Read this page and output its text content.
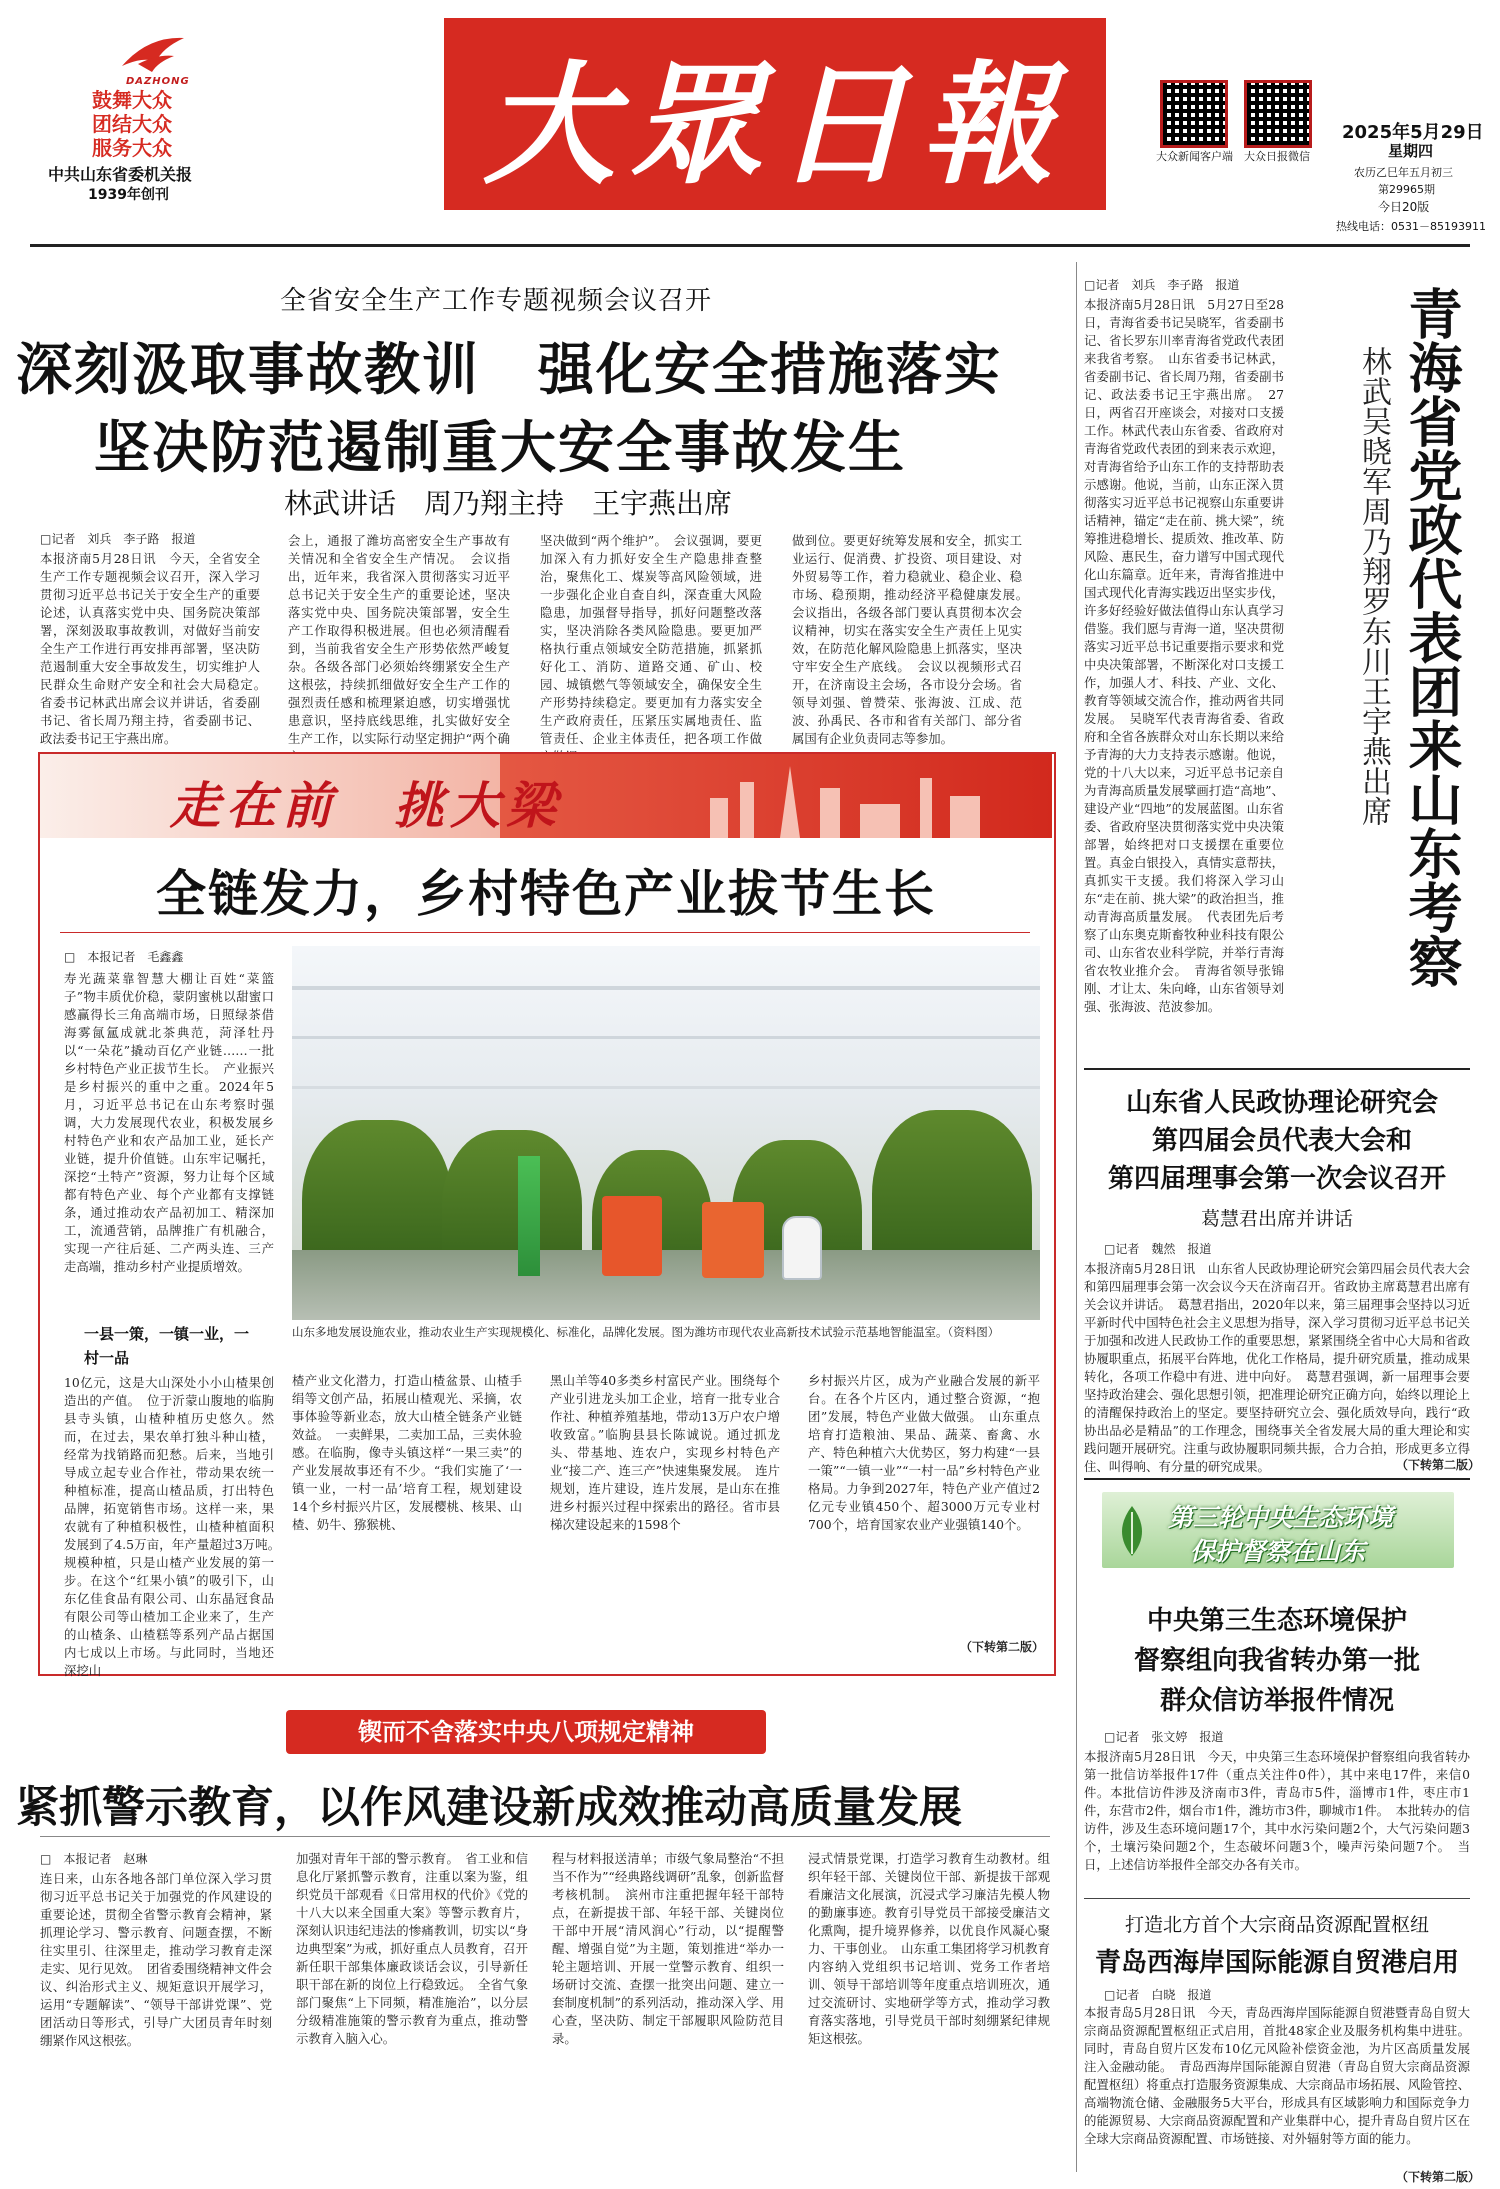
DAZHONG
鼓舞大众
团结大众
服务大众
中共山东省委机关报
1939年创刊 大眾日報	大众新闻客户端 大众日报微信
2025年5月29日
星期四
农历乙巳年五月初三
第29965期
今日20版
热线电话：0531－85193911
全省安全生产工作专题视频会议召开
深刻汲取事故教训　强化安全措施落实
坚决防范遏制重大安全事故发生
林武讲话　周乃翔主持　王宇燕出席
□记者　刘兵　李子路　报道
本报济南5月28日讯　今天，全省安全生产工作专题视频会议召开，深入学习贯彻习近平总书记关于安全生产的重要论述，认真落实党中央、国务院决策部署，深刻汲取事故教训，对做好当前安全生产工作进行再安排再部署，坚决防范遏制重大安全事故发生，切实维护人民群众生命财产安全和社会大局稳定。　省委书记林武出席会议并讲话，省委副书记、省长周乃翔主持，省委副书记、政法委书记王宇燕出席。
会上，通报了潍坊高密安全生产事故有关情况和全省安全生产情况。　会议指出，近年来，我省深入贯彻落实习近平总书记关于安全生产的重要论述，坚决落实党中央、国务院决策部署，安全生产工作取得积极进展。但也必须清醒看到，当前我省安全生产形势依然严峻复杂。各级各部门必须始终绷紧安全生产这根弦，持续抓细做好安全生产工作的强烈责任感和梳理紧迫感，切实增强忧患意识，坚持底线思维，扎实做好安全生产工作，以实际行动坚定拥护“两个确
坚决做到“两个维护”。　会议强调，要更加深入有力抓好安全生产隐患排查整治，聚焦化工、煤炭等高风险领域，进一步强化企业自查自纠，深查重大风险隐患，加强督导指导，抓好问题整改落实，坚决消除各类风险隐患。要更加严格执行重点领域安全防范措施，抓紧抓好化工、消防、道路交通、矿山、校园、城镇燃气等领域安全，确保安全生产形势持续稳定。要更加有力落实安全生产政府责任，压紧压实属地责任、监管责任、企业主体责任，把各项工作做
做到位。要更好统筹发展和安全，抓实工业运行、促消费、扩投资、项目建设、对外贸易等工作，着力稳就业、稳企业、稳市场、稳预期，推动经济平稳健康发展。　会议指出，各级各部门要认真贯彻本次会议精神，切实在落实安全生产责任上见实效，在防范化解风险隐患上抓落实，坚决守牢安全生产底线。　会议以视频形式召开，在济南设主会场，各市设分会场。省领导刘强、曾赞荣、张海波、江成、范波、孙禹民、各市和省有关部门、部分省属国有企业负责同志等参加。
□记者　刘兵　李子路　报道
本报济南5月28日讯　5月27日至28日，青海省委书记吴晓军，省委副书记、省长罗东川率青海省党政代表团来我省考察。　山东省委书记林武，省委副书记、省长周乃翔，省委副书记、政法委书记王宇燕出席。　27日，两省召开座谈会，对接对口支援工作。林武代表山东省委、省政府对青海省党政代表团的到来表示欢迎，对青海省给予山东工作的支持帮助表示感谢。他说，当前，山东正深入贯彻落实习近平总书记视察山东重要讲话精神，锚定“走在前、挑大梁”，统筹推进稳增长、提质效、推改革、防风险、惠民生，奋力谱写中国式现代化山东篇章。近年来，青海省推进中国式现代化青海实践迈出坚实步伐，许多好经验好做法值得山东认真学习借鉴。我们愿与青海一道，坚决贯彻落实习近平总书记重要指示要求和党中央决策部署，不断深化对口支援工作，加强人才、科技、产业、文化、教育等领域交流合作，推动两省共同发展。　吴晓军代表青海省委、省政府和全省各族群众对山东长期以来给予青海的大力支持表示感谢。他说，党的十八大以来，习近平总书记亲自为青海高质量发展擘画打造“高地”、建设产业“四地”的发展蓝图。山东省委、省政府坚决贯彻落实党中央决策部署，始终把对口支援摆在重要位置。真金白银投入，真情实意帮扶，真抓实干支援。我们将深入学习山东“走在前、挑大梁”的政治担当，推动青海高质量发展。　代表团先后考察了山东奥克斯畜牧种业科技有限公司、山东省农业科学院，并举行青海省农牧业推介会。　青海省领导张锦刚、才让太、朱向峰，山东省领导刘强、张海波、范波参加。
青海省党政代表团来山东考察
林武吴晓军周乃翔罗东川王宇燕出席
山东省人民政协理论研究会
第四届会员代表大会和
第四届理事会第一次会议召开
葛慧君出席并讲话
□记者　魏然　报道
本报济南5月28日讯　山东省人民政协理论研究会第四届会员代表大会和第四届理事会第一次会议今天在济南召开。省政协主席葛慧君出席有关会议并讲话。　葛慧君指出，2020年以来，第三届理事会坚持以习近平新时代中国特色社会主义思想为指导，深入学习贯彻习近平总书记关于加强和改进人民政协工作的重要思想，紧紧围绕全省中心大局和省政协履职重点，拓展平台阵地，优化工作格局，提升研究质量，推动成果转化，各项工作稳中有进、进中向好。　葛慧君强调，新一届理事会要坚持政治建会、强化思想引领，把准理论研究正确方向，始终以理论上的清醒保持政治上的坚定。要坚持研究立会、强化质效导向，践行“政协出品必是精品”的工作理念，围绕事关全省发展大局的重大理论和实践问题开展研究。注重与政协履职同频共振，合力合拍，形成更多立得住、叫得响、有分量的研究成果。	（下转第二版）
第三轮中央生态环境
保护督察在山东
中央第三生态环境保护
督察组向我省转办第一批
群众信访举报件情况
□记者　张文婷　报道
本报济南5月28日讯　今天，中央第三生态环境保护督察组向我省转办第一批信访举报件17件（重点关注件0件），其中来电17件，来信0件。本批信访件涉及济南市3件，青岛市5件，淄博市1件，枣庄市1件，东营市2件，烟台市1件，潍坊市3件，聊城市1件。　本批转办的信访件，涉及生态环境问题17个，其中水污染问题2个，大气污染问题3个，土壤污染问题2个，生态破坏问题3个，噪声污染问题7个。　当日，上述信访举报件全部交办各有关市。
打造北方首个大宗商品资源配置枢纽
青岛西海岸国际能源自贸港启用
□记者　白晓　报道
本报青岛5月28日讯　今天，青岛西海岸国际能源自贸港暨青岛自贸大宗商品资源配置枢纽正式启用，首批48家企业及服务机构集中进驻。同时，青岛自贸片区发布10亿元风险补偿资金池，为片区高质量发展注入金融动能。　青岛西海岸国际能源自贸港（青岛自贸大宗商品资源配置枢纽）将重点打造服务资源集成、大宗商品市场拓展、风险管控、高端物流仓储、金融服务5大平台，形成具有区域影响力和国际竞争力的能源贸易、大宗商品资源配置和产业集群中心，提升青岛自贸片区在全球大宗商品资源配置、市场链接、对外辐射等方面的能力。
（下转第二版）
走在前　挑大梁
全链发力，乡村特色产业拔节生长
□　本报记者　毛鑫鑫
寿光蔬菜靠智慧大棚让百姓“菜篮子”物丰质优价稳，蒙阴蜜桃以甜蜜口感赢得长三角高端市场，日照绿茶借海雾氤氲成就北茶典范，菏泽牡丹以“一朵花”撬动百亿产业链……一批乡村特色产业正拔节生长。　产业振兴是乡村振兴的重中之重。2024年5月，习近平总书记在山东考察时强调，大力发展现代农业，积极发展乡村特色产业和农产品加工业，延长产业链，提升价值链。山东牢记嘱托，深挖“土特产”资源，努力让每个区域都有特色产业、每个产业都有支撑链条，通过推动农产品初加工、精深加工，流通营销，品牌推广有机融合，实现一产往后延、二产两头连、三产走高端，推动乡村产业提质增效。
一县一策，一镇一业，一村一品
10亿元，这是大山深处小小山楂果创造出的产值。　位于沂蒙山腹地的临朐县寺头镇，山楂种植历史悠久。然而，在过去，果农单打独斗种山楂，经常为找销路而犯愁。后来，当地引导成立起专业合作社，带动果农统一种植标准，提高山楂品质，打出特色品牌，拓宽销售市场。这样一来，果农就有了种植积极性，山楂种植面积发展到了4.5万亩，年产量超过3万吨。　规模种植，只是山楂产业发展的第一步。在这个“红果小镇”的吸引下，山东亿佳食品有限公司、山东晶冠食品有限公司等山楂加工企业来了，生产的山楂条、山楂糕等系列产品占据国内七成以上市场。与此同时，当地还深挖山
山东多地发展设施农业，推动农业生产实现规模化、标准化，品牌化发展。图为潍坊市现代农业高新技术试验示范基地智能温室。（资料图）
楂产业文化潜力，打造山楂盆景、山楂手绢等文创产品，拓展山楂观光、采摘，农事体验等新业态，放大山楂全链条产业链效益。　一卖鲜果，二卖加工品，三卖休验感。在临朐，像寺头镇这样“一果三卖”的产业发展故事还有不少。“我们实施了‘一镇一业，一村一品’培育工程，规划建设14个乡村振兴片区，发展樱桃、核果、山楂、奶牛、猕猴桃、
黑山羊等40多类乡村富民产业。围绕每个产业引进龙头加工企业，培育一批专业合作社、种植养殖基地，带动13万户农户增收致富。”临朐县县长陈诚说。通过抓龙头、带基地、连农户，实现乡村特色产业“接二产、连三产”快速集聚发展。　连片规划，连片建设，连片发展，是山东在推进乡村振兴过程中探索出的路径。省市县梯次建设起来的1598个
乡村振兴片区，成为产业融合发展的新平台。在各个片区内，通过整合资源，“抱团”发展，特色产业做大做强。　山东重点培育打造粮油、果品、蔬菜、畜禽、水产、特色种植六大优势区，努力构建“一县一策”“一镇一业”“一村一品”乡村特色产业格局。力争到2027年，特色产业产值过2亿元专业镇450个、超3000万元专业村700个，培育国家农业产业强镇140个。
（下转第二版）
锲而不舍落实中央八项规定精神
紧抓警示教育，以作风建设新成效推动高质量发展
□　本报记者　赵琳
连日来，山东各地各部门单位深入学习贯彻习近平总书记关于加强党的作风建设的重要论述，贯彻全省警示教育会精神，紧抓理论学习、警示教育、问题查摆，不断往实里引、往深里走，推动学习教育走深走实、见行见效。　团省委围绕精神文件会议、纠治形式主义、规矩意识开展学习，运用“专题解读”、“领导干部讲党课”、党团活动日等形式，引导广大团员青年时刻绷紧作风这根弦。
加强对青年干部的警示教育。　省工业和信息化厅紧抓警示教育，注重以案为鉴，组织党员干部观看《日常用权的代价》《党的十八大以来全国重大案》等警示教育片，深刻认识违纪违法的惨痛教训，切实以“身边典型案”为戒，抓好重点人员教育，召开新任职干部集体廉政谈话会议，引导新任职干部在新的岗位上行稳致远。　全省气象部门聚焦“上下同频，精准施治”，以分层分级精准施策的警示教育为重点，推动警示教育入脑入心。
程与材料报送清单；市级气象局整治“不担当不作为”“经典路线调研”乱象，创新监督考核机制。　滨州市注重把握年轻干部特点，在新提拔干部、年轻干部、关键岗位干部中开展“清风润心”行动，以“提醒警醒、增强自觉”为主题，策划推进“举办一轮主题培训、开展一堂警示教育、组织一场研讨交流、查摆一批突出问题、建立一套制度机制”的系列活动，推动深入学、用心查，坚决防、制定干部履职风险防范目录。
浸式情景党课，打造学习教育生动教材。组织年轻干部、关键岗位干部、新提拔干部观看廉洁文化展演，沉浸式学习廉洁先模人物的勤廉事迹。教育引导党员干部接受廉洁文化熏陶，提升境界修养，以优良作风凝心聚力、干事创业。　山东重工集团将学习机教育内容纳入党组织书记培训、党务工作者培训、领导干部培训等年度重点培训班次，通过交流研讨、实地研学等方式，推动学习教育落实落地，引导党员干部时刻绷紧纪律规矩这根弦。
